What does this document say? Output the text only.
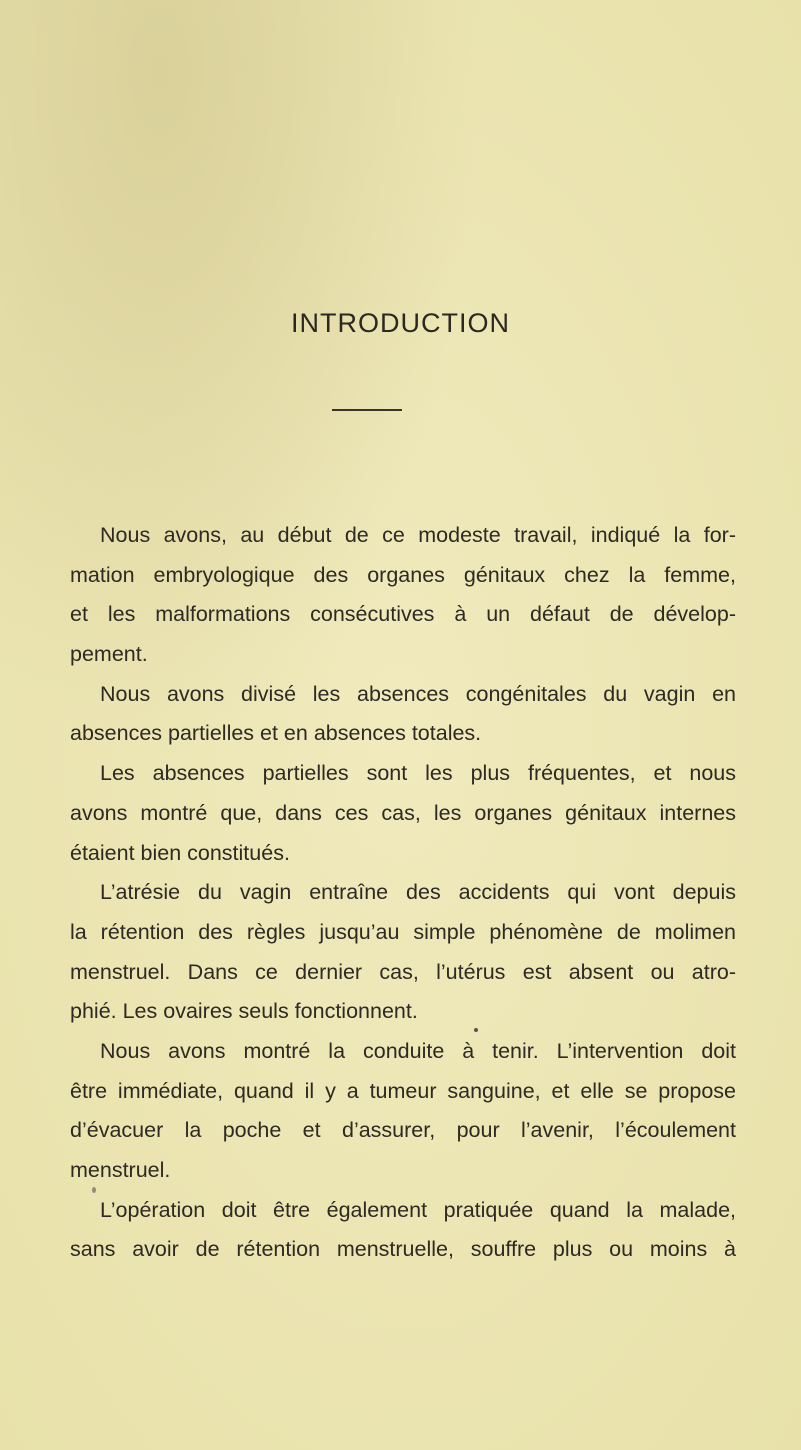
INTRODUCTION
Nous avons, au début de ce modeste travail, indiqué la for-
mation embryologique des organes génitaux chez la femme,
et les malformations consécutives à un défaut de dévelop-
pement.
Nous avons divisé les absences congénitales du vagin en
absences partielles et en absences totales.
Les absences partielles sont les plus fréquentes, et nous
avons montré que, dans ces cas, les organes génitaux internes
étaient bien constitués.
L’atrésie du vagin entraîne des accidents qui vont depuis
la rétention des règles jusqu’au simple phénomène de molimen
menstruel. Dans ce dernier cas, l’utérus est absent ou atro-
phié. Les ovaires seuls fonctionnent.
Nous avons montré la conduite à tenir. L’intervention doit
être immédiate, quand il y a tumeur sanguine, et elle se propose
d’évacuer la poche et d’assurer, pour l’avenir, l’écoulement
menstruel.
L’opération doit être également pratiquée quand la malade,
sans avoir de rétention menstruelle, souffre plus ou moins à
